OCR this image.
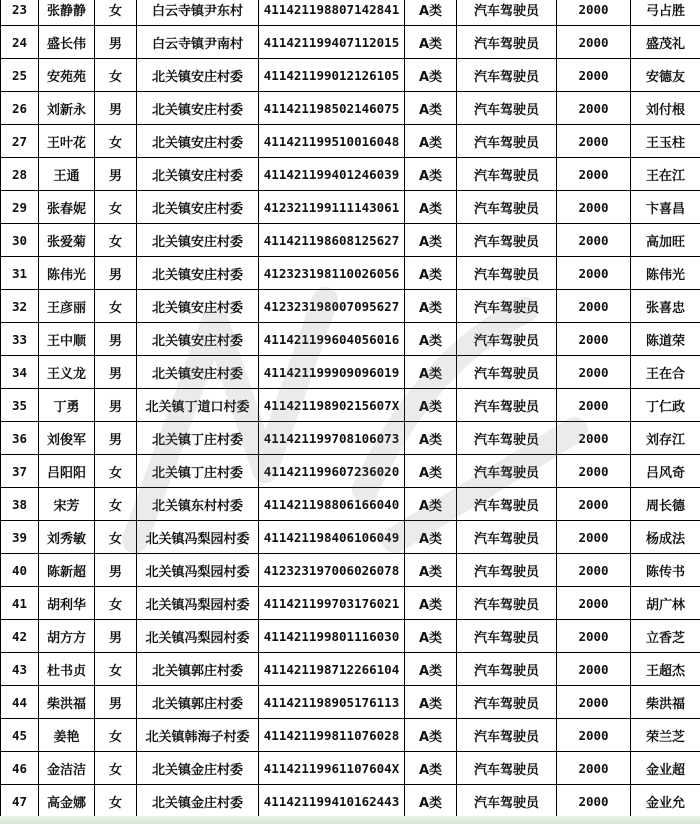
23	张静静	女	白云寺镇尹东村	411421198807142841	A类	汽车驾驶员	2000	弓占胜
24	盛长伟	男	白云寺镇尹南村	411421199407112015	A类	汽车驾驶员	2000	盛茂礼
25	安苑苑	女	北关镇安庄村委	411421199012126105	A类	汽车驾驶员	2000	安德友
26	刘新永	男	北关镇安庄村委	411421198502146075	A类	汽车驾驶员	2000	刘付根
27	王叶花	女	北关镇安庄村委	411421199510016048	A类	汽车驾驶员	2000	王玉柱
28	王通	男	北关镇安庄村委	411421199401246039	A类	汽车驾驶员	2000	王在江
29	张春妮	女	北关镇安庄村委	412321199111143061	A类	汽车驾驶员	2000	卞喜昌
30	张爱菊	女	北关镇安庄村委	411421198608125627	A类	汽车驾驶员	2000	高加旺
31	陈伟光	男	北关镇安庄村委	412323198110026056	A类	汽车驾驶员	2000	陈伟光
32	王彦丽	女	北关镇安庄村委	412323198007095627	A类	汽车驾驶员	2000	张喜忠
33	王中顺	男	北关镇安庄村委	411421199604056016	A类	汽车驾驶员	2000	陈道荣
34	王义龙	男	北关镇安庄村委	411421199909096019	A类	汽车驾驶员	2000	王在合
35	丁勇	男	北关镇丁道口村委	41142119890215607X	A类	汽车驾驶员	2000	丁仁政
36	刘俊军	男	北关镇丁庄村委	411421199708106073	A类	汽车驾驶员	2000	刘存江
37	吕阳阳	女	北关镇丁庄村委	411421199607236020	A类	汽车驾驶员	2000	吕风奇
38	宋芳	女	北关镇东村村委	411421198806166040	A类	汽车驾驶员	2000	周长德
39	刘秀敏	女	北关镇冯梨园村委	411421198406106049	A类	汽车驾驶员	2000	杨成法
40	陈新超	男	北关镇冯梨园村委	412323197006026078	A类	汽车驾驶员	2000	陈传书
41	胡利华	女	北关镇冯梨园村委	411421199703176021	A类	汽车驾驶员	2000	胡广林
42	胡方方	男	北关镇冯梨园村委	411421199801116030	A类	汽车驾驶员	2000	立香芝
43	杜书贞	女	北关镇郭庄村委	411421198712266104	A类	汽车驾驶员	2000	王超杰
44	柴洪福	男	北关镇郭庄村委	411421198905176113	A类	汽车驾驶员	2000	柴洪福
45	姜艳	女	北关镇韩海子村委	411421199811076028	A类	汽车驾驶员	2000	荣兰芝
46	金洁洁	女	北关镇金庄村委	41142119961107604X	A类	汽车驾驶员	2000	金业超
47	高金娜	女	北关镇金庄村委	411421199410162443	A类	汽车驾驶员	2000	金业允
